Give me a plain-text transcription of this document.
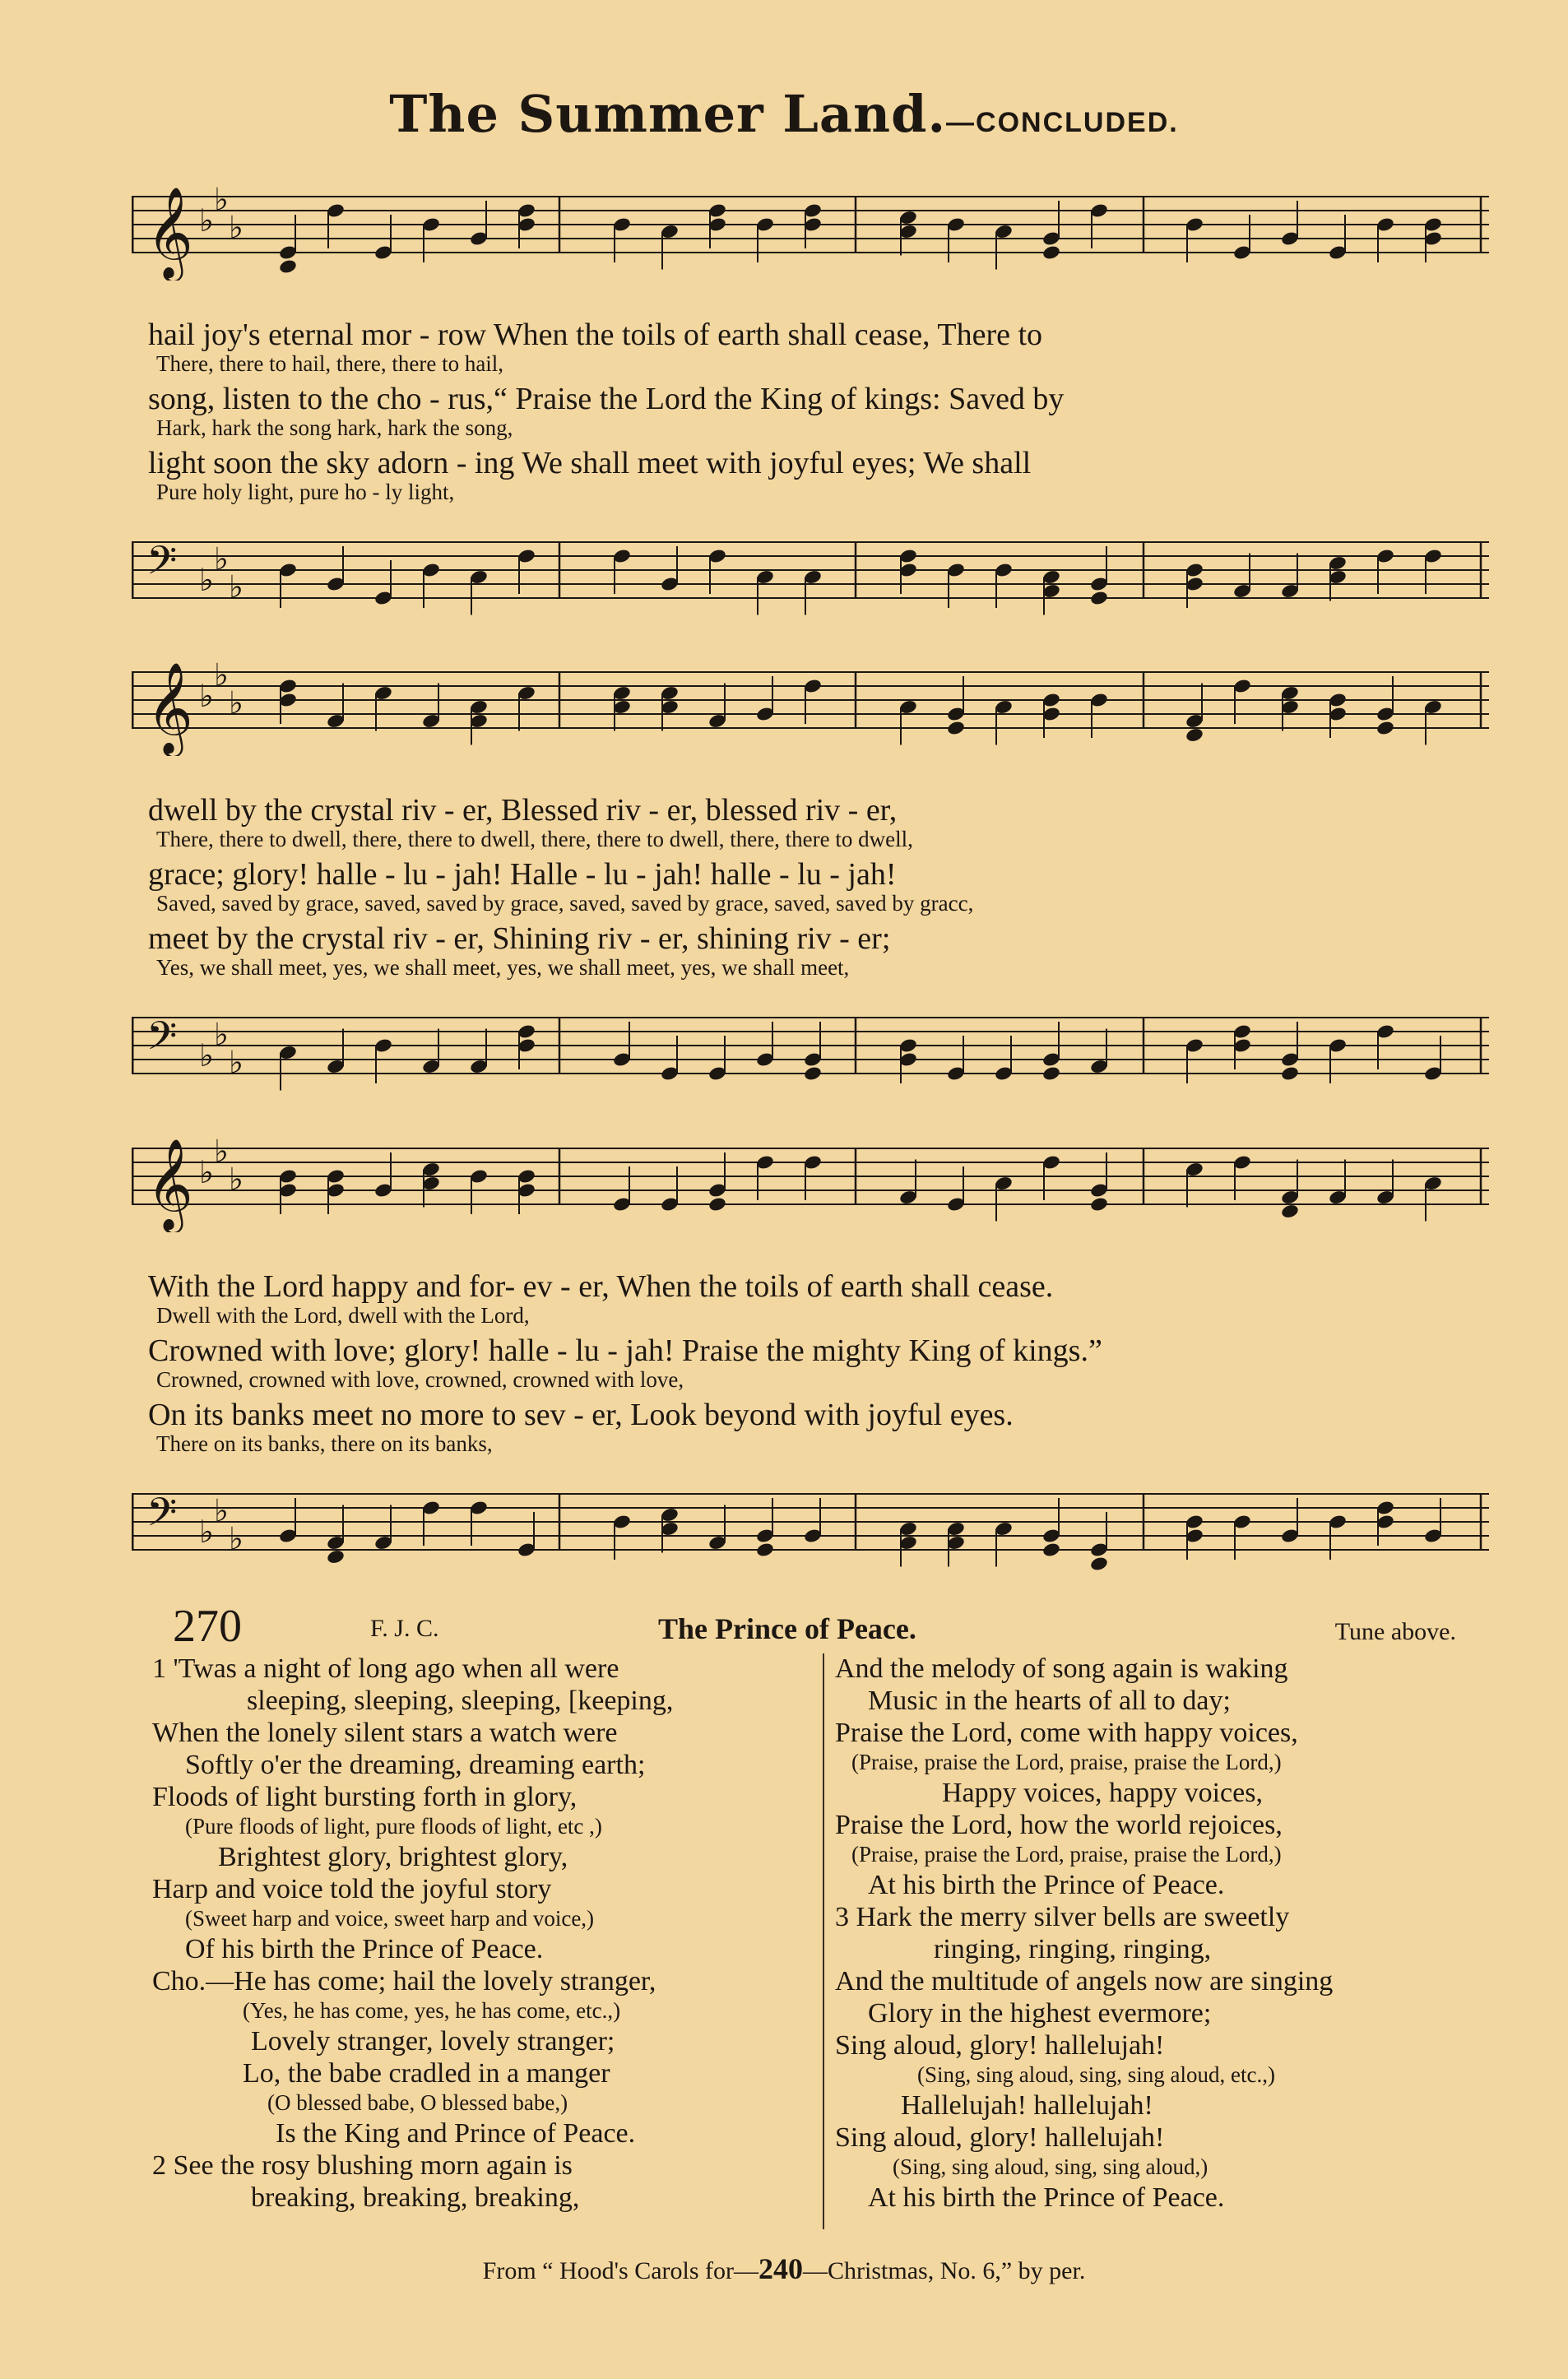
The Summer Land.—CONCLUDED.
𝄞 ♭
♭
♭
hail joy's eternal mor - row When the toils of earth shall cease, There to
There, there to hail, there, there to hail,
song, listen to the cho - rus,“ Praise the Lord the King of kings: Saved by
Hark, hark the song hark, hark the song,
light soon the sky adorn - ing We shall meet with joyful eyes; We shall
Pure holy light, pure ho - ly light,
𝄢 ♭
♭
♭
𝄞 ♭
♭
♭
dwell by the crystal riv - er, Blessed riv - er, blessed riv - er,
There, there to dwell, there, there to dwell, there, there to dwell, there, there to dwell,
grace; glory! halle - lu - jah! Halle - lu - jah! halle - lu - jah!
Saved, saved by grace, saved, saved by grace, saved, saved by grace, saved, saved by gracc,
meet by the crystal riv - er, Shining riv - er, shining riv - er;
Yes, we shall meet, yes, we shall meet, yes, we shall meet, yes, we shall meet,
𝄢 ♭
♭
♭
𝄞 ♭
♭
♭
With the Lord happy and for- ev - er, When the toils of earth shall cease.
Dwell with the Lord, dwell with the Lord,
Crowned with love; glory! halle - lu - jah! Praise the mighty King of kings.”
Crowned, crowned with love, crowned, crowned with love,
On its banks meet no more to sev - er, Look beyond with joyful eyes.
There on its banks, there on its banks,
𝄢 ♭
♭
♭
270	F. J. C.	The Prince of Peace.	Tune above.
1 'Twas a night of long ago when all were
sleeping, sleeping, sleeping, [keeping,
When the lonely silent stars a watch were
Softly o'er the dreaming, dreaming earth;
Floods of light bursting forth in glory,
(Pure floods of light, pure floods of light, etc ,)
Brightest glory, brightest glory,
Harp and voice told the joyful story
(Sweet harp and voice, sweet harp and voice,)
Of his birth the Prince of Peace.
Cho.—He has come; hail the lovely stranger,
(Yes, he has come, yes, he has come, etc.,)
Lovely stranger, lovely stranger;
Lo, the babe cradled in a manger
(O blessed babe, O blessed babe,)
Is the King and Prince of Peace.
2 See the rosy blushing morn again is
breaking, breaking, breaking,
And the melody of song again is waking
Music in the hearts of all to day;
Praise the Lord, come with happy voices,
(Praise, praise the Lord, praise, praise the Lord,)
Happy voices, happy voices,
Praise the Lord, how the world rejoices,
(Praise, praise the Lord, praise, praise the Lord,)
At his birth the Prince of Peace.
3 Hark the merry silver bells are sweetly
ringing, ringing, ringing,
And the multitude of angels now are singing
Glory in the highest evermore;
Sing aloud, glory! hallelujah!
(Sing, sing aloud, sing, sing aloud, etc.,)
Hallelujah! hallelujah!
Sing aloud, glory! hallelujah!
(Sing, sing aloud, sing, sing aloud,)
At his birth the Prince of Peace.
From “ Hood's Carols for—240—Christmas, No. 6,” by per.
